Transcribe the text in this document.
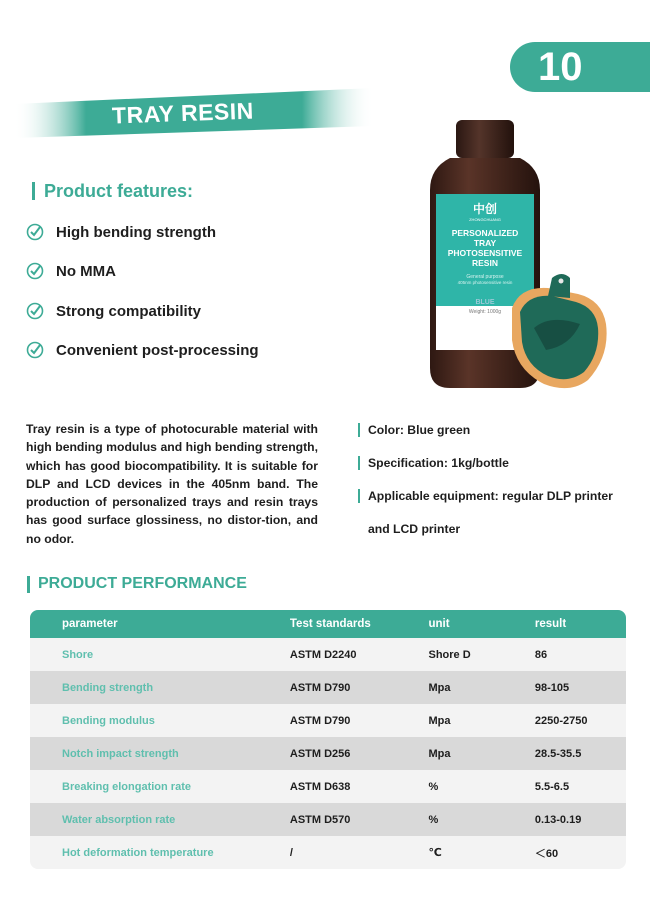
10
TRAY RESIN
Product features:
High bending strength
No MMA
Strong compatibility
Convenient post-processing
中创
ZHONGCHUANG
PERSONALIZED
TRAY
PHOTOSENSITIVE
RESIN
General purpose
405nm photosensitive resin
BLUE
Weight: 1000g
Tray resin is a type of photocurable material with high bending modulus and high bending strength, which has good biocompatibility. It is suitable for DLP and LCD devices in the 405nm band. The production of personalized trays and resin trays has good surface glossiness, no distor-tion, and no odor.
Color: Blue green
Specification: 1kg/bottle
Applicable equipment: regular DLP printer
and LCD printer
PRODUCT PERFORMANCE
parameter	Test standards	unit	result
Shore	ASTM D2240	Shore D	86
Bending strength	ASTM D790	Mpa	98-105
Bending modulus	ASTM D790	Mpa	2250-2750
Notch impact strength	ASTM D256	Mpa	28.5-35.5
Breaking elongation rate	ASTM D638	%	5.5-6.5
Water absorption rate	ASTM D570	%	0.13-0.19
Hot deformation temperature	/	℃	＜60
